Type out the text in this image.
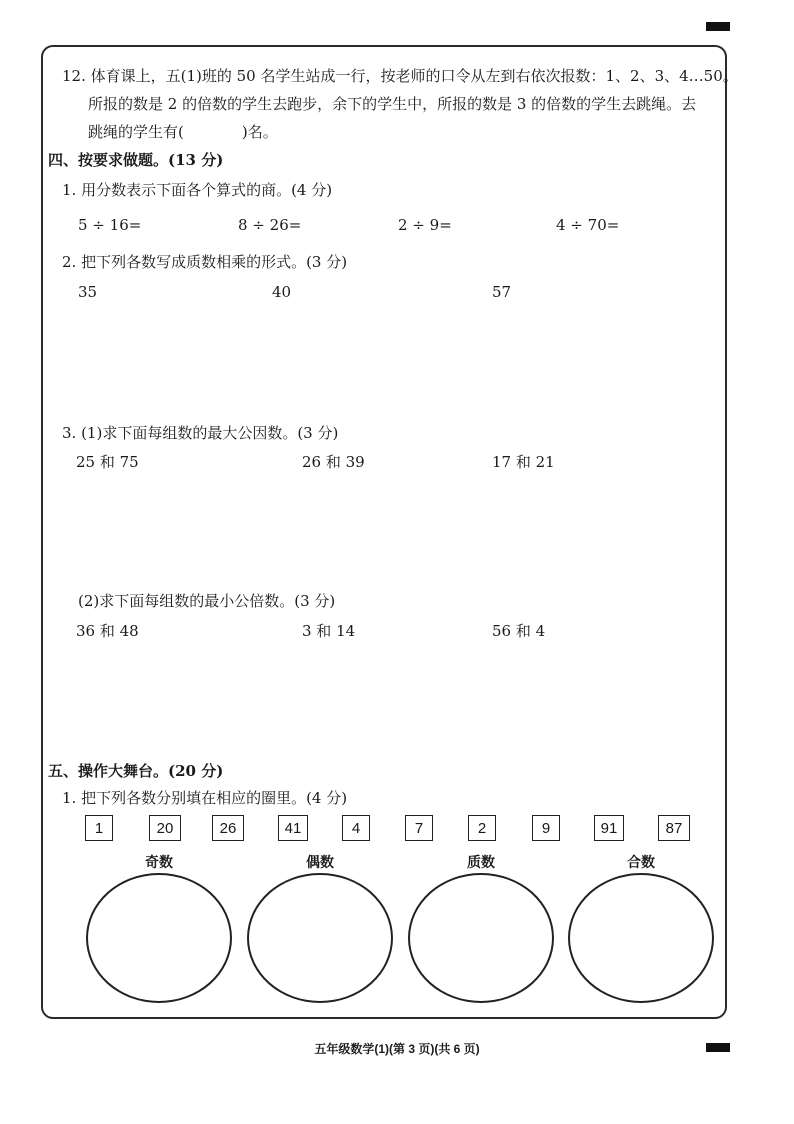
12. 体育课上，五(1)班的 50 名学生站成一行，按老师的口令从左到右依次报数：1、2、3、4…50。
所报的数是 2 的倍数的学生去跑步，余下的学生中，所报的数是 3 的倍数的学生去跳绳。去
跳绳的学生有(	)名。
四、按要求做题。(13 分)
1. 用分数表示下面各个算式的商。(4 分)
5 ÷ 16=	8 ÷ 26=	2 ÷ 9=	4 ÷ 70=
2. 把下列各数写成质数相乘的形式。(3 分)
35	40	57
3. (1)求下面每组数的最大公因数。(3 分)
25 和 75	26 和 39	17 和 21
(2)求下面每组数的最小公倍数。(3 分)
36 和 48	3 和 14	56 和 4
五、操作大舞台。(20 分)
1. 把下列各数分别填在相应的圈里。(4 分)
1	20	26	41	4	7	2	9	91	87
奇数	偶数	质数	合数
五年级数学(1)(第 3 页)(共 6 页)
